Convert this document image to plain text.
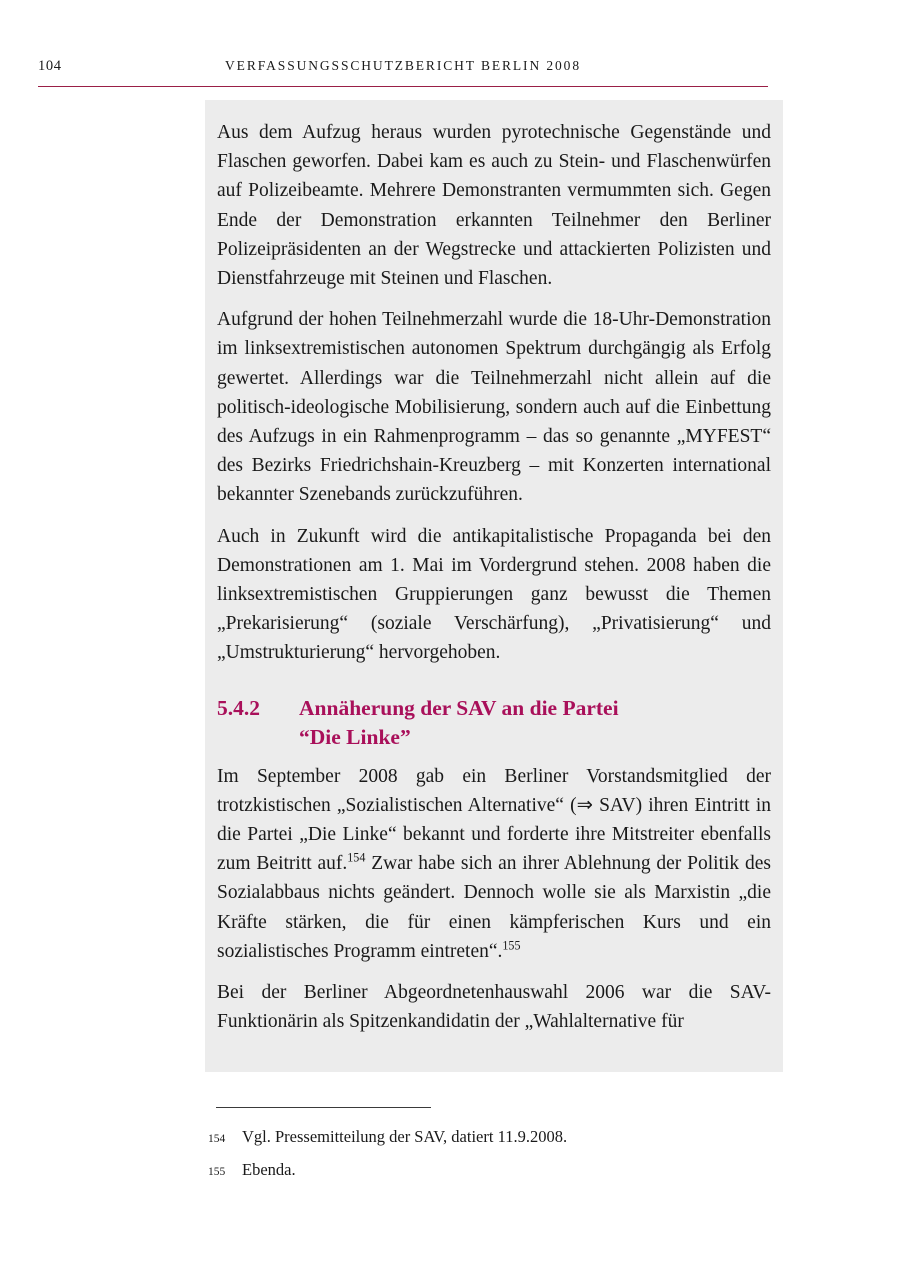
104	VERFASSUNGSSCHUTZBERICHT BERLIN 2008

Aus dem Aufzug heraus wurden pyrotechnische Gegenstände und Flaschen geworfen. Dabei kam es auch zu Stein- und Flaschenwürfen auf Polizeibeamte. Mehrere Demonstranten vermummten sich. Gegen Ende der Demonstration erkannten Teilnehmer den Berliner Polizeipräsidenten an der Wegstrecke und attackierten Polizisten und Dienstfahrzeuge mit Steinen und Flaschen.

Aufgrund der hohen Teilnehmerzahl wurde die 18-Uhr-Demonstration im linksextremistischen autonomen Spektrum durchgängig als Erfolg gewertet. Allerdings war die Teilnehmerzahl nicht allein auf die politisch-ideologische Mobilisierung, sondern auch auf die Einbettung des Aufzugs in ein Rahmenprogramm – das so genannte „MYFEST“ des Bezirks Friedrichshain-Kreuzberg – mit Konzerten international bekannter Szenebands zurückzuführen.

Auch in Zukunft wird die antikapitalistische Propaganda bei den Demonstrationen am 1. Mai im Vordergrund stehen. 2008 haben die linksextremistischen Gruppierungen ganz bewusst die Themen „Prekarisierung“ (soziale Verschärfung), „Privatisierung“ und „Umstrukturierung“ hervorgehoben.

5.4.2	Annäherung der SAV an die Partei
“Die Linke”

Im September 2008 gab ein Berliner Vorstandsmitglied der trotzkistischen „Sozialistischen Alternative“ (⇒ SAV) ihren Eintritt in die Partei „Die Linke“ bekannt und forderte ihre Mitstreiter ebenfalls zum Beitritt auf.$^{154}$ Zwar habe sich an ihrer Ablehnung der Politik des Sozialabbaus nichts geändert. Dennoch wolle sie als Marxistin „die Kräfte stärken, die für einen kämpferischen Kurs und ein sozialistisches Programm eintreten“.$^{155}$

Bei der Berliner Abgeordnetenhauswahl 2006 war die SAV-Funktionärin als Spitzenkandidatin der „Wahlalternative für

154	Vgl. Pressemitteilung der SAV, datiert 11.9.2008.
155	Ebenda.
